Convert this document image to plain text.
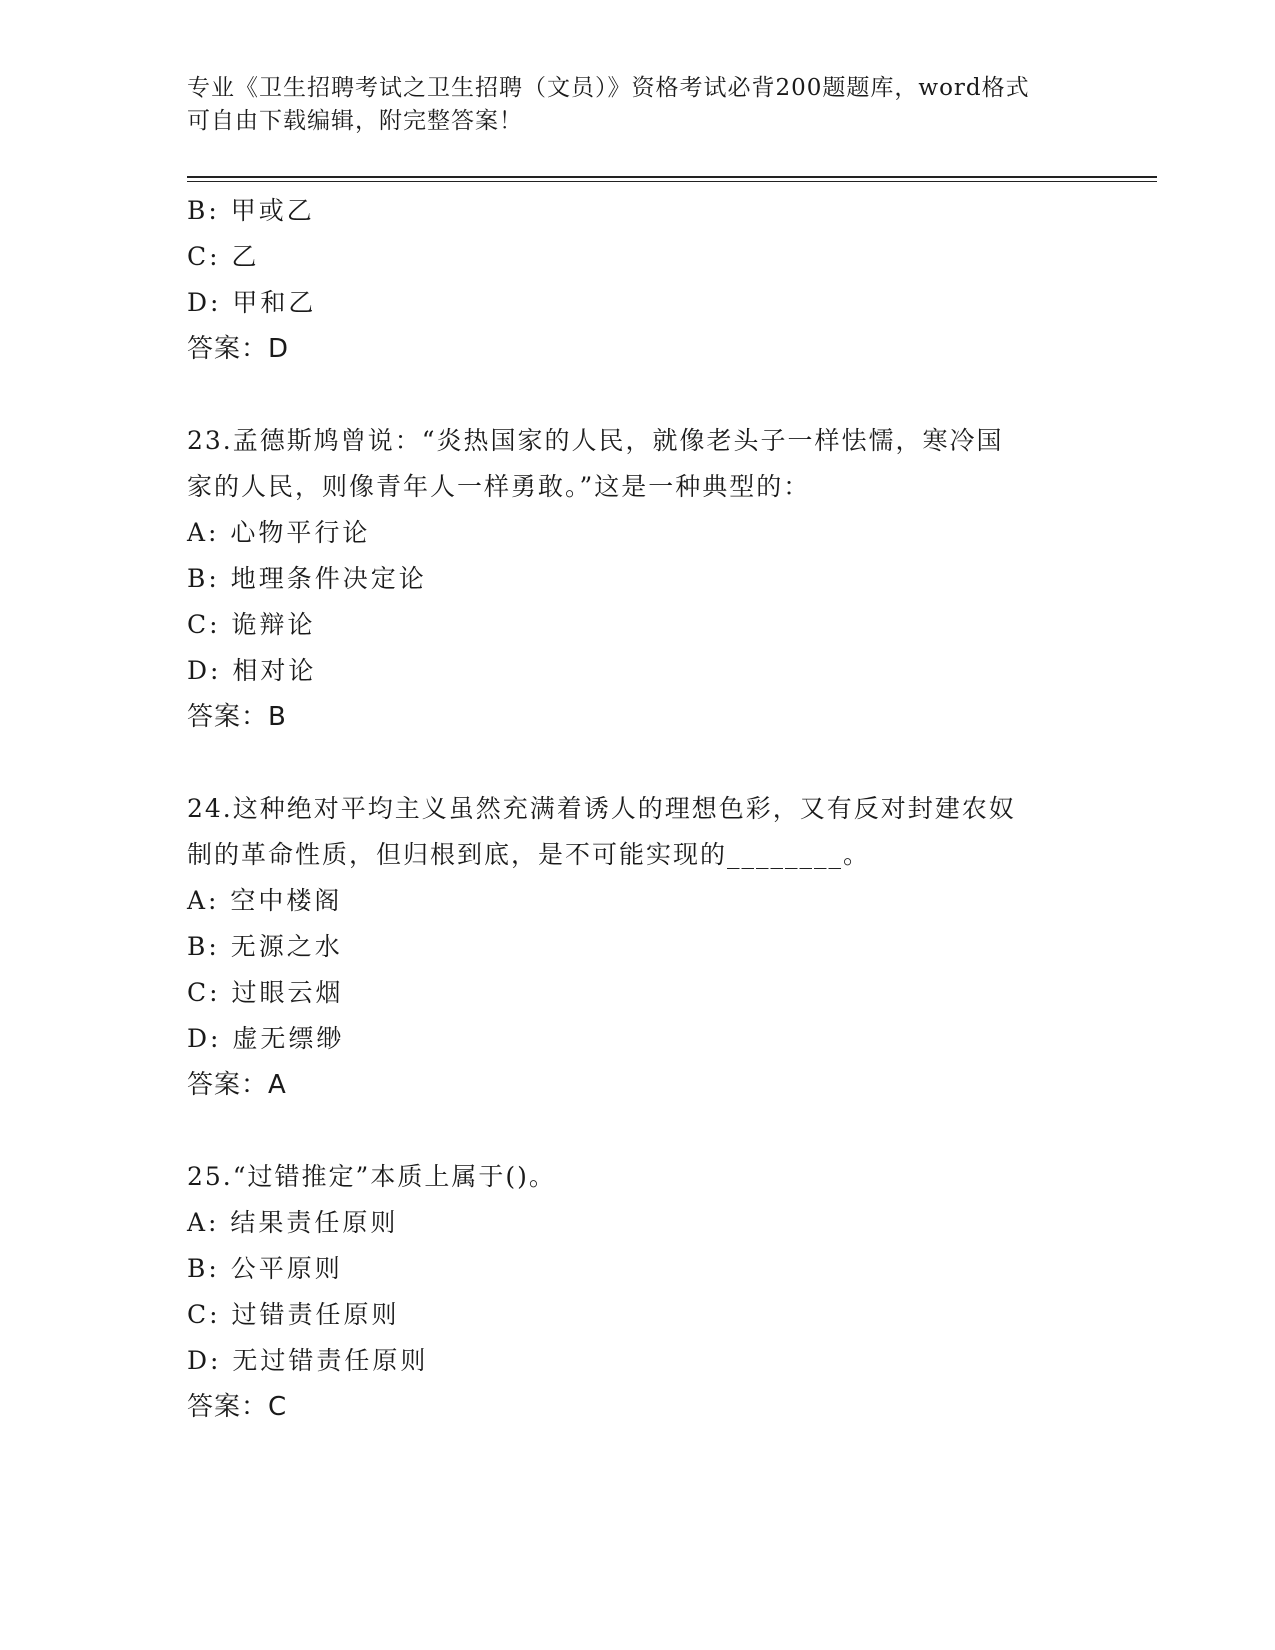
专业《卫生招聘考试之卫生招聘（文员）》资格考试必背200题题库，word格式
可自由下载编辑，附完整答案！
B: 甲或乙
C: 乙
D: 甲和乙
答案：D
23.孟德斯鸠曾说：“炎热国家的人民，就像老头子一样怯懦，寒冷国
家的人民，则像青年人一样勇敢。”这是一种典型的：
A: 心物平行论
B: 地理条件决定论
C: 诡辩论
D: 相对论
答案：B
24.这种绝对平均主义虽然充满着诱人的理想色彩，又有反对封建农奴
制的革命性质，但归根到底，是不可能实现的________。
A: 空中楼阁
B: 无源之水
C: 过眼云烟
D: 虚无缥缈
答案：A
25.“过错推定”本质上属于()。
A: 结果责任原则
B: 公平原则
C: 过错责任原则
D: 无过错责任原则
答案：C
